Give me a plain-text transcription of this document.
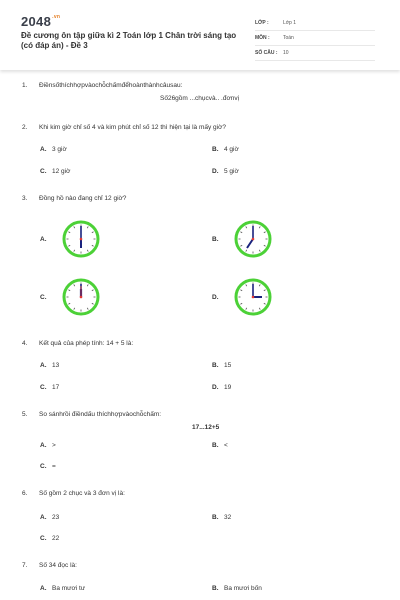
$2048^{.vn}$
Đề cương ôn tập giữa kì 2 Toán lớp 1 Chân trời sáng tạo (có đáp án) - Đề 3
LỚP :	Lớp 1
MÔN :	Toán
SỐ CÂU :	10
1. Điềnsốthíchhợpvàochỗchấmđểhoànthànhcâusau:
Số26gồm ...chụcvà.. .đơnvị
2. Khi kim giờ chỉ số 4 và kim phút chỉ số 12 thì hiện tại là mấy giờ?
A. 3 giờ	B. 4 giờ
C. 12 giờ	D. 5 giờ
3. Đồng hồ nào đang chỉ 12 giờ?
A.	B.
C.	D.
4. Kết quả của phép tính: 14 + 5 là:
A. 13	B. 15
C. 17	D. 19
5. So sánhrồi điềndấu thíchhợpvàochỗchấm:
17...12+5
A. >	B. <
C. =
6. Số gồm 2 chục và 3 đơn vị là:
A. 23	B. 32
C. 22
7. Số 34 đọc là:
A. Ba mươi tư	B. Ba mươi bốn
